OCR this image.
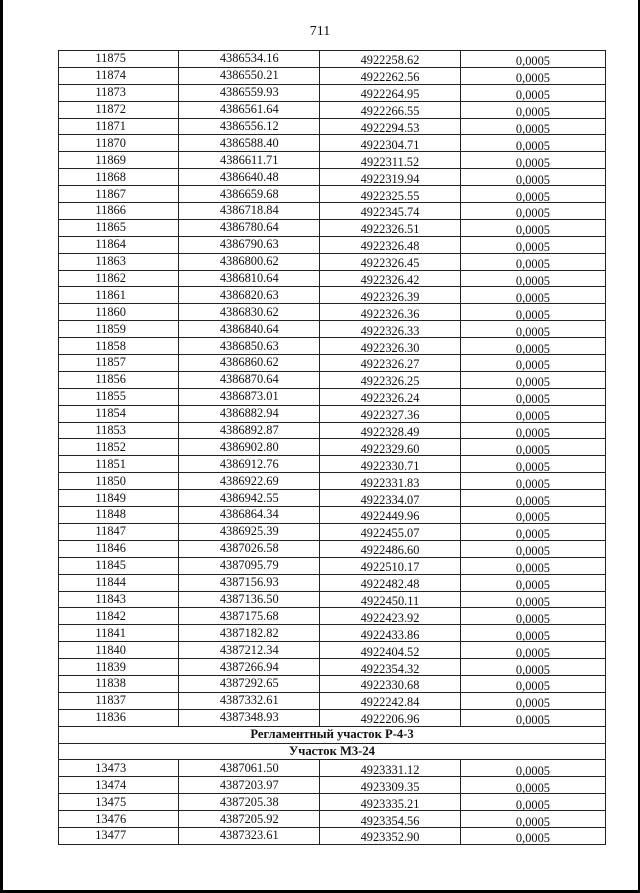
711
11875	4386534.16	4922258.62	0,0005
11874	4386550.21	4922262.56	0,0005
11873	4386559.93	4922264.95	0,0005
11872	4386561.64	4922266.55	0,0005
11871	4386556.12	4922294.53	0,0005
11870	4386588.40	4922304.71	0,0005
11869	4386611.71	4922311.52	0,0005
11868	4386640.48	4922319.94	0,0005
11867	4386659.68	4922325.55	0,0005
11866	4386718.84	4922345.74	0,0005
11865	4386780.64	4922326.51	0,0005
11864	4386790.63	4922326.48	0,0005
11863	4386800.62	4922326.45	0,0005
11862	4386810.64	4922326.42	0,0005
11861	4386820.63	4922326.39	0,0005
11860	4386830.62	4922326.36	0,0005
11859	4386840.64	4922326.33	0,0005
11858	4386850.63	4922326.30	0,0005
11857	4386860.62	4922326.27	0,0005
11856	4386870.64	4922326.25	0,0005
11855	4386873.01	4922326.24	0,0005
11854	4386882.94	4922327.36	0,0005
11853	4386892.87	4922328.49	0,0005
11852	4386902.80	4922329.60	0,0005
11851	4386912.76	4922330.71	0,0005
11850	4386922.69	4922331.83	0,0005
11849	4386942.55	4922334.07	0,0005
11848	4386864.34	4922449.96	0,0005
11847	4386925.39	4922455.07	0,0005
11846	4387026.58	4922486.60	0,0005
11845	4387095.79	4922510.17	0,0005
11844	4387156.93	4922482.48	0,0005
11843	4387136.50	4922450.11	0,0005
11842	4387175.68	4922423.92	0,0005
11841	4387182.82	4922433.86	0,0005
11840	4387212.34	4922404.52	0,0005
11839	4387266.94	4922354.32	0,0005
11838	4387292.65	4922330.68	0,0005
11837	4387332.61	4922242.84	0,0005
11836	4387348.93	4922206.96	0,0005
Регламентный участок Р-4-3			
Участок М3-24			
13473	4387061.50	4923331.12	0,0005
13474	4387203.97	4923309.35	0,0005
13475	4387205.38	4923335.21	0,0005
13476	4387205.92	4923354.56	0,0005
13477	4387323.61	4923352.90	0,0005
